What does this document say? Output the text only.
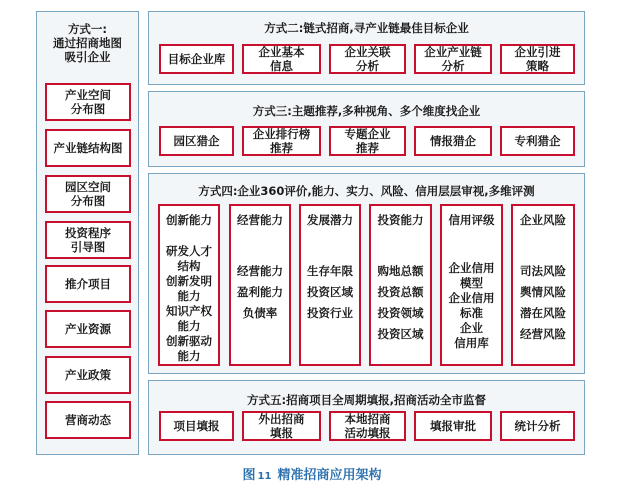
方式一:
通过招商地图
吸引企业
产业空间
分布图
产业链结构图
园区空间
分布图
投资程序
引导图
推介项目
产业资源
产业政策
营商动态
方式二:链式招商,寻产业链最佳目标企业
目标企业库	企业基本
信息
企业关联
分析
企业产业链
分析
企业引进
策略
方式三:主题推荐,多种视角、多个维度找企业
园区猎企	企业排行榜
推荐
专题企业
推荐	情报猎企	专利猎企
方式四:企业360评价,能力、实力、风险、信用层层审视,多维评测
创新能力
研发人才
结构
创新发明
能力
知识产权
能力
创新驱动
能力
经营能力
经营能力
盈利能力
负债率
发展潜力
生存年限
投资区域
投资行业
投资能力
购地总额
投资总额
投资领域
投资区域
信用评级
企业信用
模型
企业信用
标准
企业
信用库
企业风险
司法风险
舆情风险
潜在风险
经营风险
方式五:招商项目全周期填报,招商活动全市监督
项目填报	外出招商
填报
本地招商
活动填报	填报审批	统计分析
图 11 精准招商应用架构
